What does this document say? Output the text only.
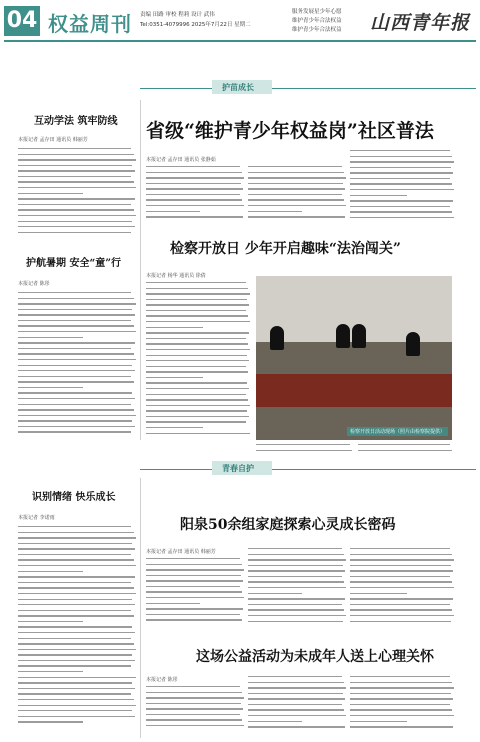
04 权益周刊 责编 田路 审校 程莉 设计 武伟
Tel:0351-4079996 2025年7月22日 星期二
服务发展星少年心愿
维护青少年合法权益
维护青少年合法权益	山西青年报
护苗成长
互动学法 筑牢防线
本报记者 孟存田 通讯员 韩丽芳
护航暑期 安全“童”行
本报记者 陈彤
省级“维护青少年权益岗”社区普法
本报记者 孟存田 通讯员 张静茹
检察开放日 少年开启趣味“法治闯关”
本报记者 杨华 通讯员 徐倩
检察开放日活动现场（照片由检察院提供）
青春自护
识别情绪 快乐成长
本报记者 李诺雨	阳泉50余组家庭探索心灵成长密码
本报记者 孟存田 通讯员 韩丽芳
这场公益活动为未成年人送上心理关怀
本报记者 陈彤
